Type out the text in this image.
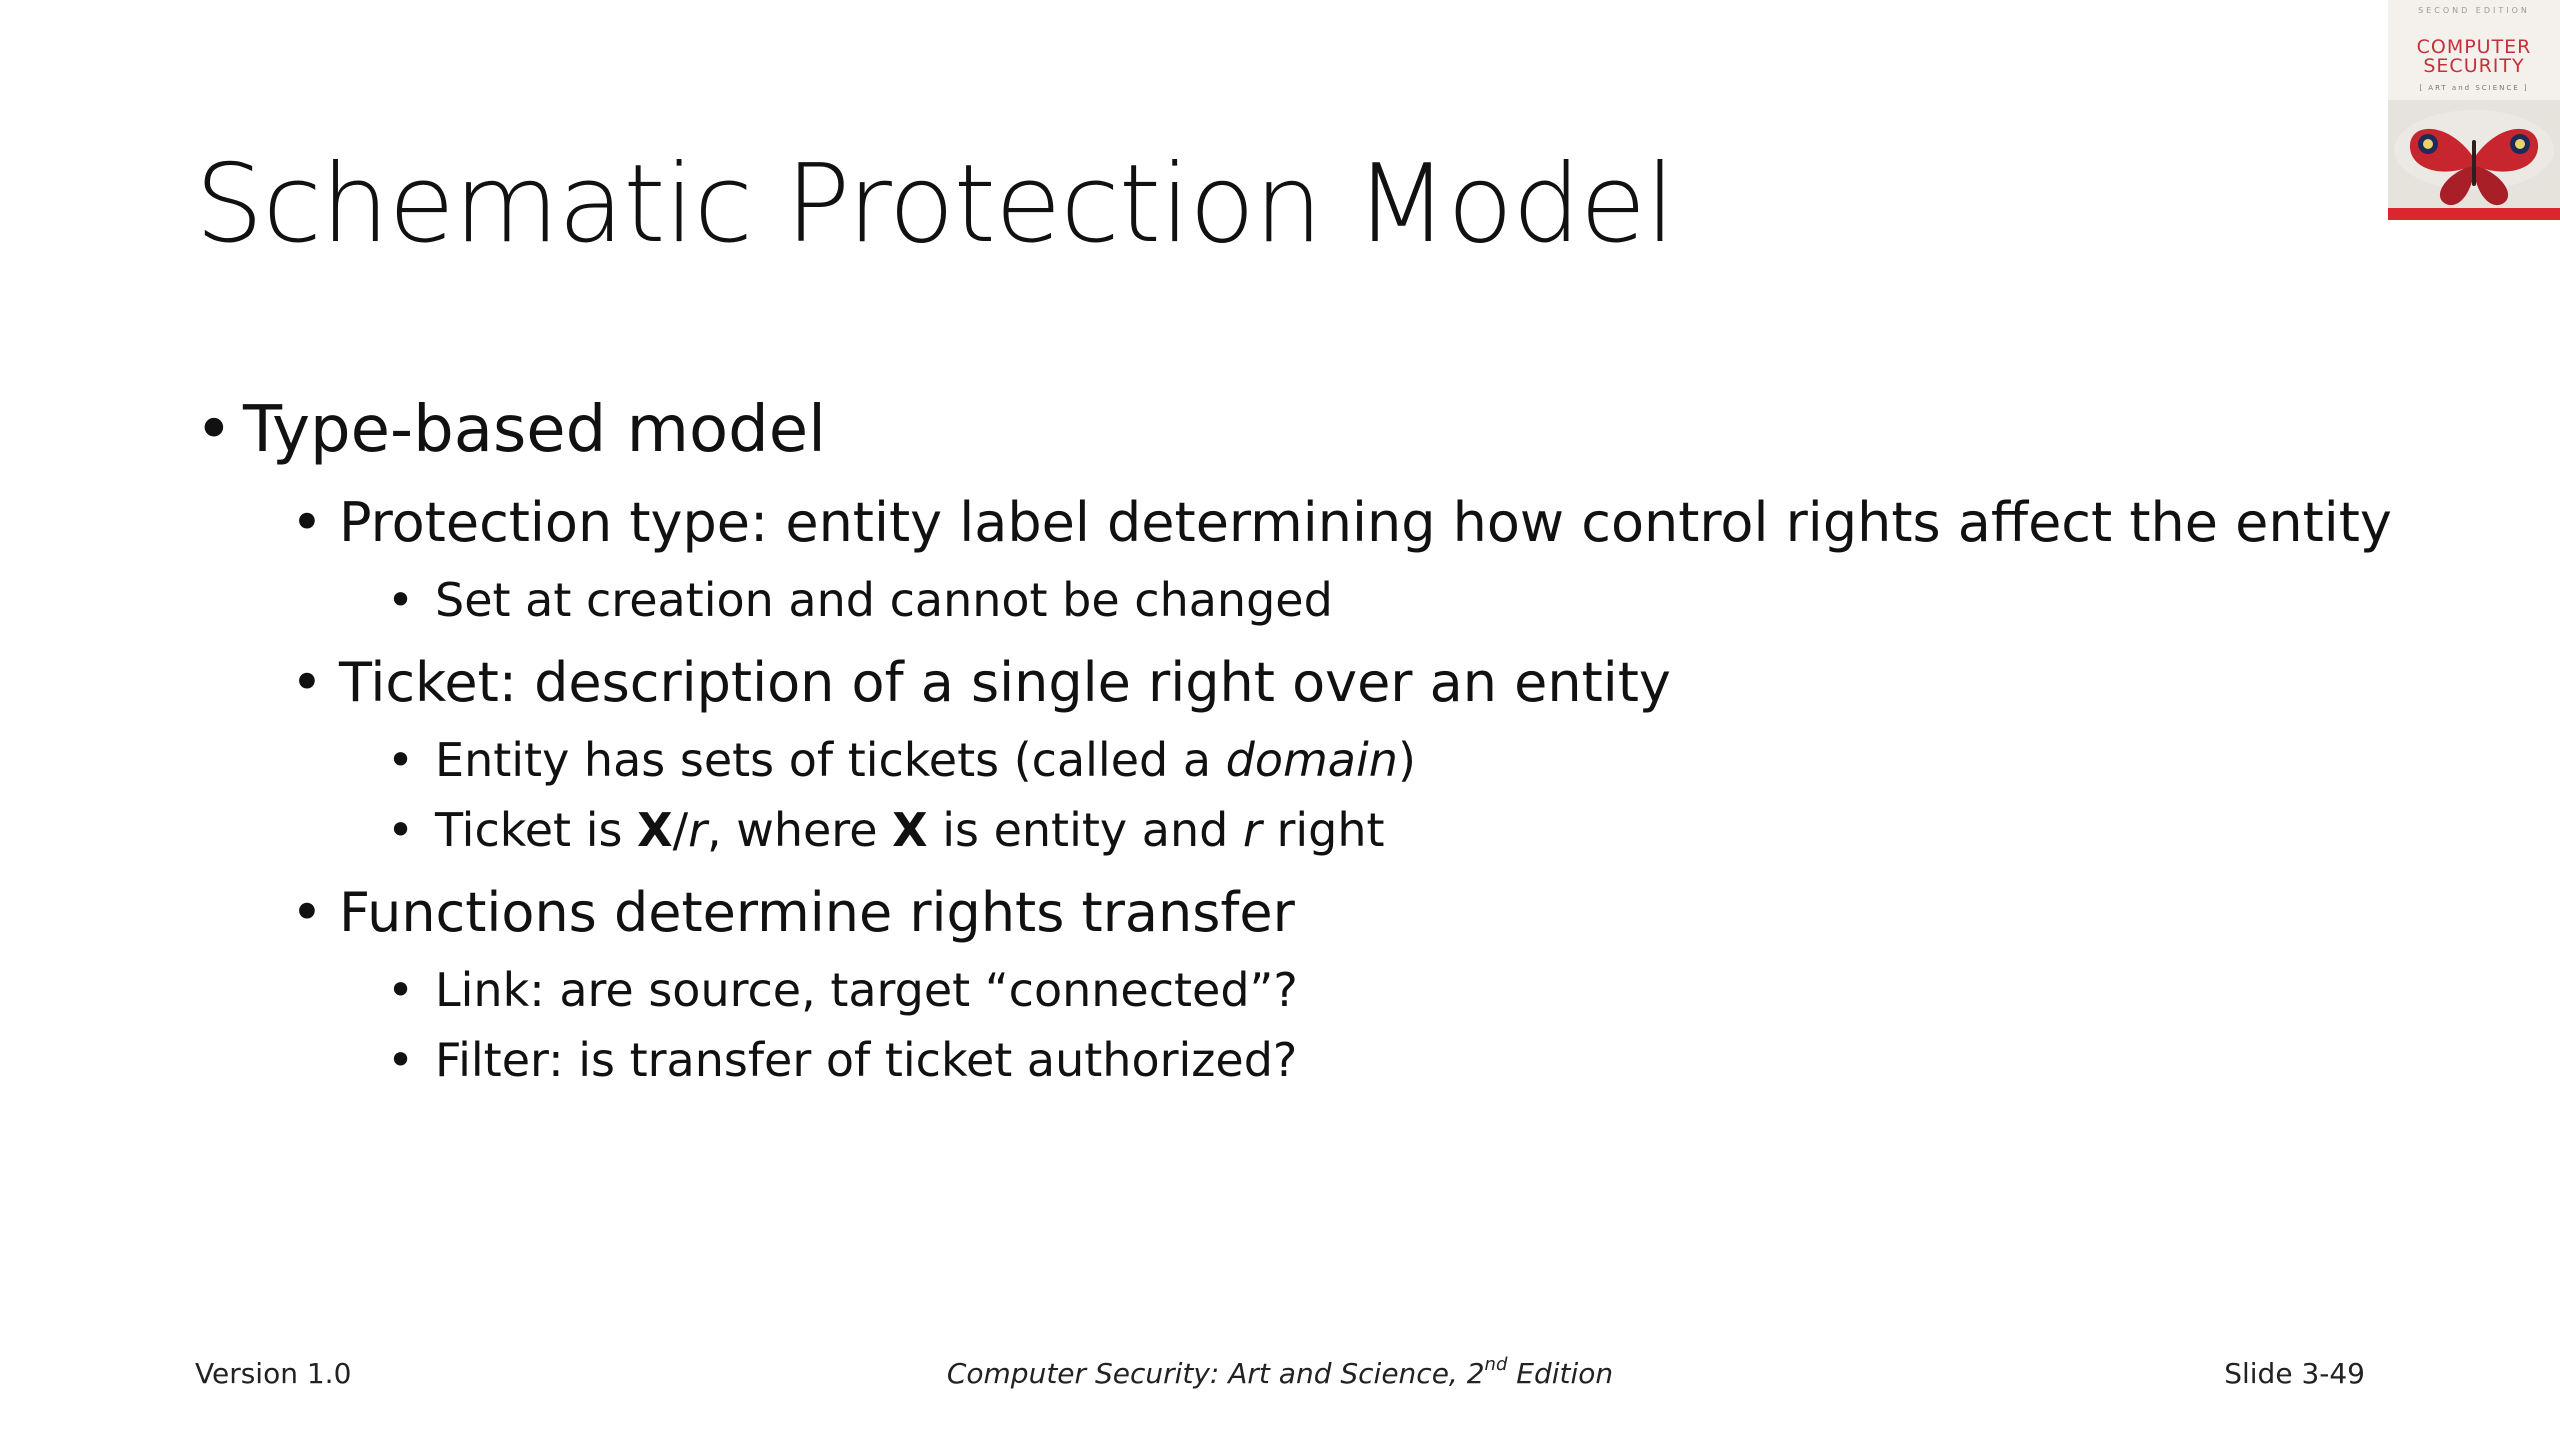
SECOND EDITION
COMPUTER
SECURITY
[ ART and SCIENCE ]
Schematic Protection Model
• Type-based model
• Protection type: entity label determining how control rights affect the entity
• Set at creation and cannot be changed
• Ticket: description of a single right over an entity
• Entity has sets of tickets (called a domain)
• Ticket is X/r, where X is entity and r right
• Functions determine rights transfer
• Link: are source, target “connected”?
• Filter: is transfer of ticket authorized?
Version 1.0	Computer Security: Art and Science, 2nd Edition	Slide 3-49
